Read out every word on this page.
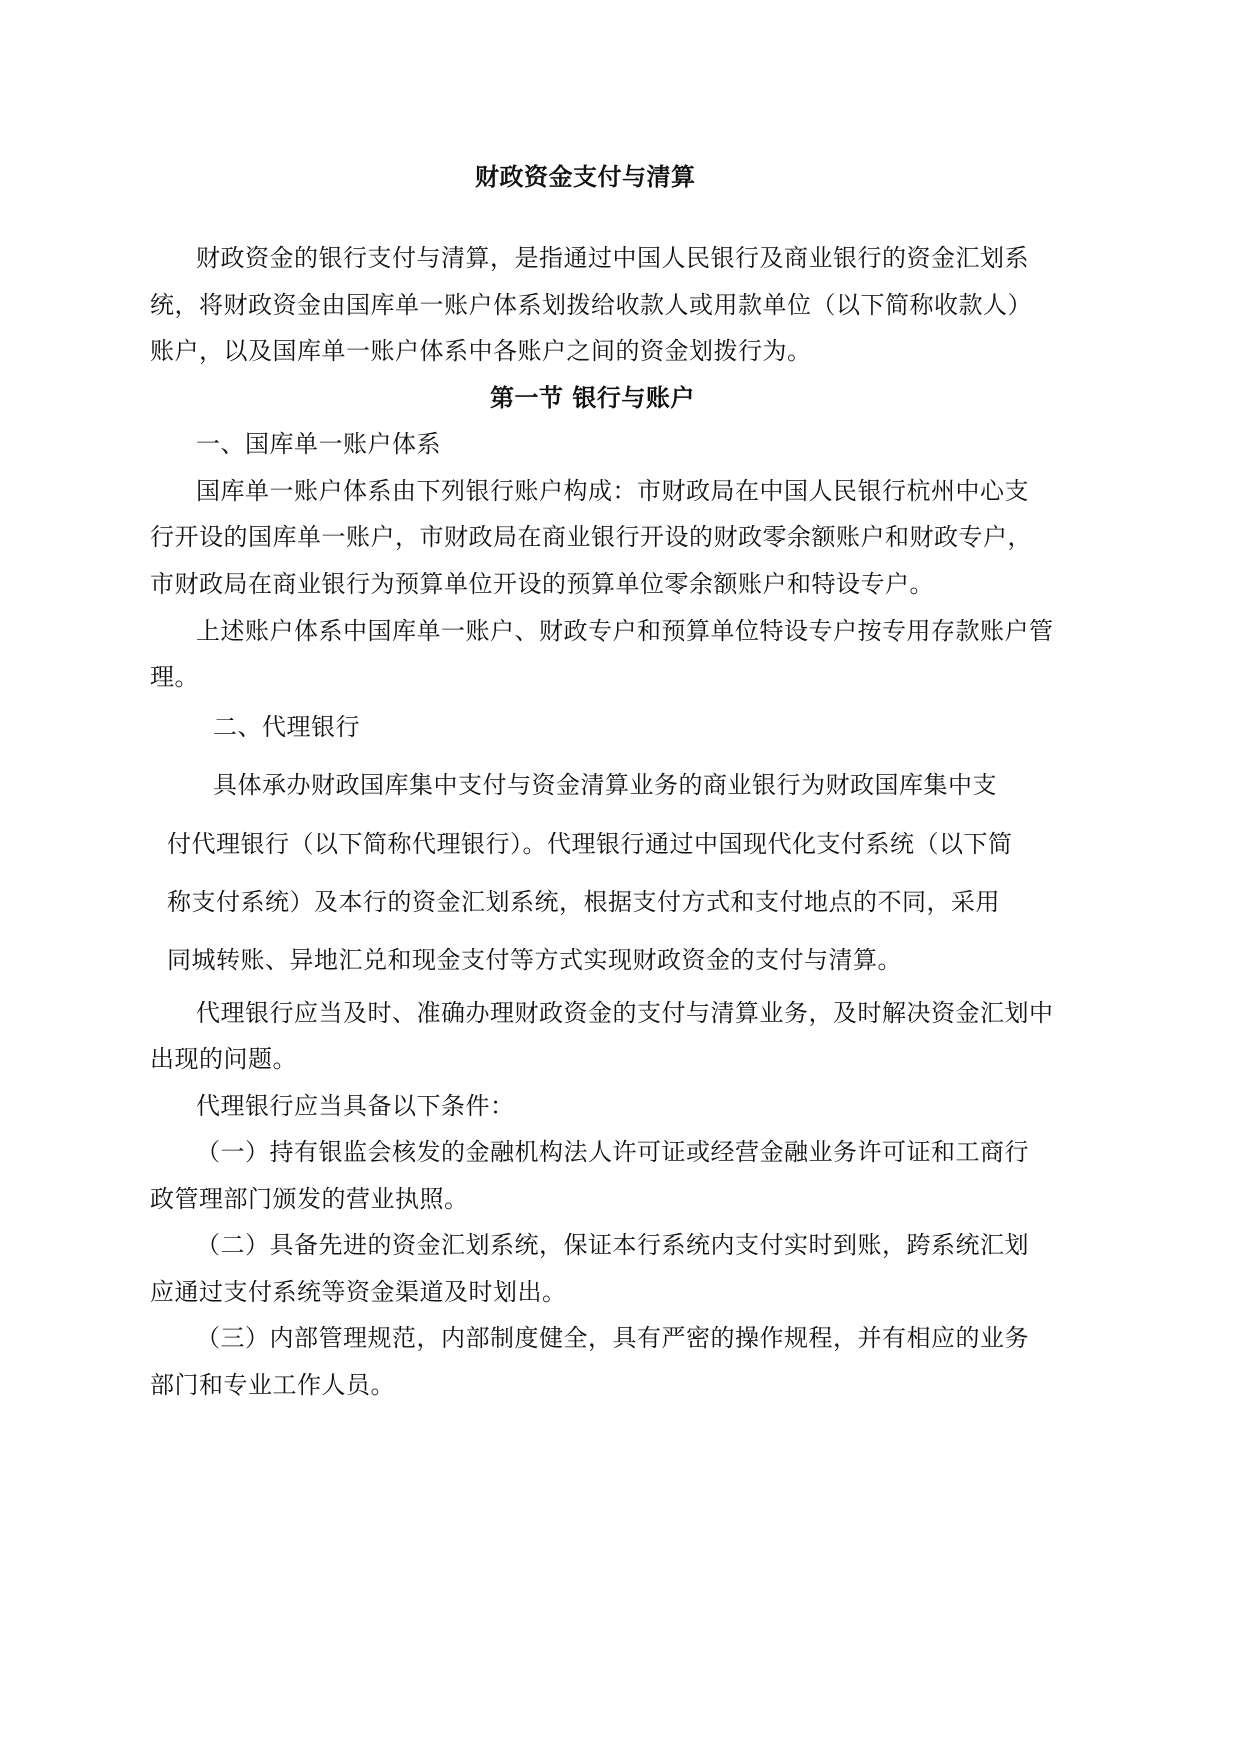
财政资金支付与清算
财政资金的银行支付与清算，是指通过中国人民银行及商业银行的资金汇划系
统，将财政资金由国库单一账户体系划拨给收款人或用款单位（以下简称收款人）
账户，以及国库单一账户体系中各账户之间的资金划拨行为。
第一节 银行与账户
一、国库单一账户体系
国库单一账户体系由下列银行账户构成：市财政局在中国人民银行杭州中心支
行开设的国库单一账户，市财政局在商业银行开设的财政零余额账户和财政专户，
市财政局在商业银行为预算单位开设的预算单位零余额账户和特设专户。
上述账户体系中国库单一账户、财政专户和预算单位特设专户按专用存款账户管
理。
二、代理银行
具体承办财政国库集中支付与资金清算业务的商业银行为财政国库集中支
付代理银行（以下简称代理银行）。代理银行通过中国现代化支付系统（以下简
称支付系统）及本行的资金汇划系统，根据支付方式和支付地点的不同，采用
同城转账、异地汇兑和现金支付等方式实现财政资金的支付与清算。
代理银行应当及时、准确办理财政资金的支付与清算业务，及时解决资金汇划中
出现的问题。
代理银行应当具备以下条件：
（一）持有银监会核发的金融机构法人许可证或经营金融业务许可证和工商行
政管理部门颁发的营业执照。
（二）具备先进的资金汇划系统，保证本行系统内支付实时到账，跨系统汇划
应通过支付系统等资金渠道及时划出。
（三）内部管理规范，内部制度健全，具有严密的操作规程，并有相应的业务
部门和专业工作人员。
